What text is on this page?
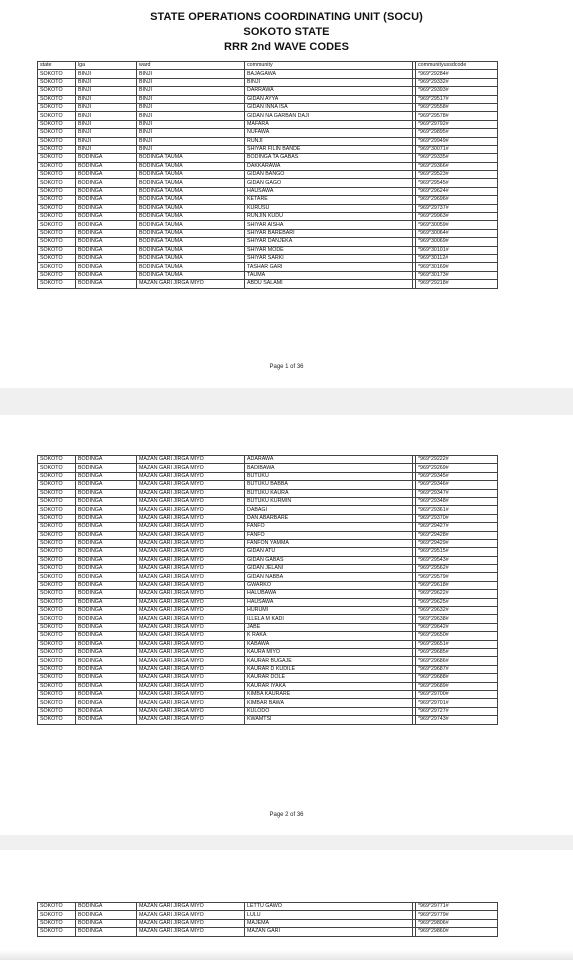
STATE OPERATIONS COORDINATING UNIT (SOCU)
SOKOTO STATE
RRR 2nd WAVE CODES
state	lga	ward	community		communityussdcode
SOKOTO	BINJI	BINJI	BAJAGAWA		*969*29284#
SOKOTO	BINJI	BINJI	BINJI		*969*29332#
SOKOTO	BINJI	BINJI	DARRAWA		*969*29393#
SOKOTO	BINJI	BINJI	GIDAN AYYA		*969*29517#
SOKOTO	BINJI	BINJI	GIDAN INNA ISA		*969*29558#
SOKOTO	BINJI	BINJI	GIDAN NA GARBAN DAJI		*969*29578#
SOKOTO	BINJI	BINJI	MAFARA		*969*29792#
SOKOTO	BINJI	BINJI	NUFAWA		*969*29895#
SOKOTO	BINJI	BINJI	RUNJI		*969*29949#
SOKOTO	BINJI	BINJI	SHIYAR FILIN BANDE		*969*30071#
SOKOTO	BODINGA	BODINGA TAUMA	BODINGA TA GABAS		*969*29335#
SOKOTO	BODINGA	BODINGA TAUMA	DAKKARAWA		*969*29366#
SOKOTO	BODINGA	BODINGA TAUMA	GIDAN BANGO		*969*29523#
SOKOTO	BODINGA	BODINGA TAUMA	GIDAN GAGO		*969*29545#
SOKOTO	BODINGA	BODINGA TAUMA	HAUSAWA		*969*29624#
SOKOTO	BODINGA	BODINGA TAUMA	KETARE		*969*29696#
SOKOTO	BODINGA	BODINGA TAUMA	KURUSU		*969*29737#
SOKOTO	BODINGA	BODINGA TAUMA	RUNJIN KUDU		*969*29963#
SOKOTO	BODINGA	BODINGA TAUMA	SHIYAR AISHA		*969*30059#
SOKOTO	BODINGA	BODINGA TAUMA	SHIYAR BAREBARI		*969*30064#
SOKOTO	BODINGA	BODINGA TAUMA	SHIYAR DANJEKA		*969*30069#
SOKOTO	BODINGA	BODINGA TAUMA	SHIYAR MODE		*969*30101#
SOKOTO	BODINGA	BODINGA TAUMA	SHIYAR SARKI		*969*30112#
SOKOTO	BODINGA	BODINGA TAUMA	TASHAR GARI		*969*30169#
SOKOTO	BODINGA	BODINGA TAUMA	TAUMA		*969*30173#
SOKOTO	BODINGA	MAZAN GARI JIRGA MIYO	ABDU SALAMI		*969*29218#
Page 1 of 36
SOKOTO	BODINGA	MAZAN GARI JIRGA MIYO	ADARAWA		*969*29222#
SOKOTO	BODINGA	MAZAN GARI JIRGA MIYO	BADIBAWA		*969*29269#
SOKOTO	BODINGA	MAZAN GARI JIRGA MIYO	BUTUKU		*969*29345#
SOKOTO	BODINGA	MAZAN GARI JIRGA MIYO	BUTUKU BABBA		*969*29346#
SOKOTO	BODINGA	MAZAN GARI JIRGA MIYO	BUTUKU KAURA		*969*29347#
SOKOTO	BODINGA	MAZAN GARI JIRGA MIYO	BUTUKU KURMIN		*969*29348#
SOKOTO	BODINGA	MAZAN GARI JIRGA MIYO	DABAGI		*969*29361#
SOKOTO	BODINGA	MAZAN GARI JIRGA MIYO	DAN ABARBARE		*969*29370#
SOKOTO	BODINGA	MAZAN GARI JIRGA MIYO	FANFO		*969*29427#
SOKOTO	BODINGA	MAZAN GARI JIRGA MIYO	FANFO		*969*29428#
SOKOTO	BODINGA	MAZAN GARI JIRGA MIYO	FANFON YAMMA		*969*29429#
SOKOTO	BODINGA	MAZAN GARI JIRGA MIYO	GIDAN ATU		*969*29515#
SOKOTO	BODINGA	MAZAN GARI JIRGA MIYO	GIDAN GABAS		*969*29543#
SOKOTO	BODINGA	MAZAN GARI JIRGA MIYO	GIDAN JELANI		*969*29562#
SOKOTO	BODINGA	MAZAN GARI JIRGA MIYO	GIDAN NABBA		*969*29579#
SOKOTO	BODINGA	MAZAN GARI JIRGA MIYO	GWARKO		*969*29618#
SOKOTO	BODINGA	MAZAN GARI JIRGA MIYO	HALUBAWA		*969*29622#
SOKOTO	BODINGA	MAZAN GARI JIRGA MIYO	HAUSAWA		*969*29625#
SOKOTO	BODINGA	MAZAN GARI JIRGA MIYO	HURUMI		*969*29632#
SOKOTO	BODINGA	MAZAN GARI JIRGA MIYO	ILLELA M KADI		*969*29638#
SOKOTO	BODINGA	MAZAN GARI JIRGA MIYO	JABE		*969*29642#
SOKOTO	BODINGA	MAZAN GARI JIRGA MIYO	K RAKA		*969*29650#
SOKOTO	BODINGA	MAZAN GARI JIRGA MIYO	KABAWA		*969*29651#
SOKOTO	BODINGA	MAZAN GARI JIRGA MIYO	KAURA MIYO		*969*29685#
SOKOTO	BODINGA	MAZAN GARI JIRGA MIYO	KAURAR BUGAJE		*969*29686#
SOKOTO	BODINGA	MAZAN GARI JIRGA MIYO	KAURAR D KUDILE		*969*29687#
SOKOTO	BODINGA	MAZAN GARI JIRGA MIYO	KAURAR DOLE		*969*29688#
SOKOTO	BODINGA	MAZAN GARI JIRGA MIYO	KAURAR IYAKA		*969*29689#
SOKOTO	BODINGA	MAZAN GARI JIRGA MIYO	KIMBA KAURARE		*969*29700#
SOKOTO	BODINGA	MAZAN GARI JIRGA MIYO	KIMBAR BAWA		*969*29701#
SOKOTO	BODINGA	MAZAN GARI JIRGA MIYO	KULODO		*969*29727#
SOKOTO	BODINGA	MAZAN GARI JIRGA MIYO	KWAMTSI		*969*29743#
Page 2 of 36
SOKOTO	BODINGA	MAZAN GARI JIRGA MIYO	LETTU GAWO		*969*29771#
SOKOTO	BODINGA	MAZAN GARI JIRGA MIYO	LULU		*969*29779#
SOKOTO	BODINGA	MAZAN GARI JIRGA MIYO	MAJEMA		*969*29806#
SOKOTO	BODINGA	MAZAN GARI JIRGA MIYO	MAZAN GARI		*969*29860#
